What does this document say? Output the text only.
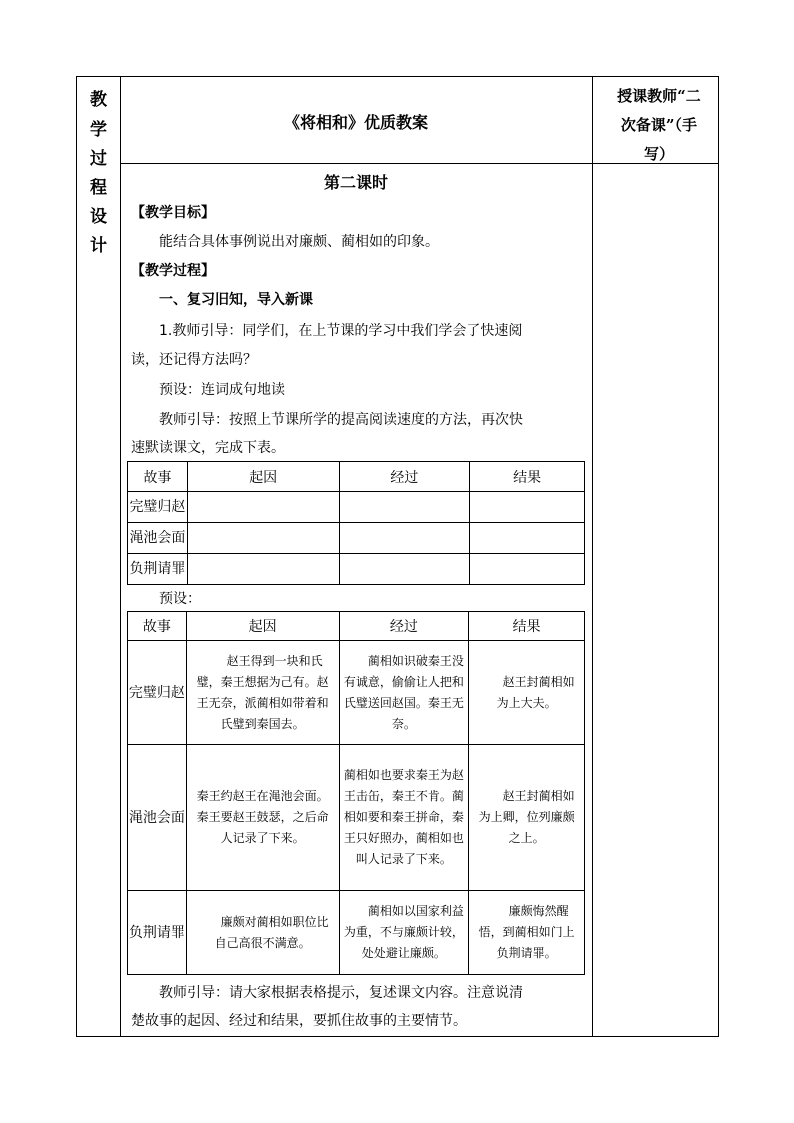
教
学
过
程
设
计
《将相和》优质教案
授课教师“二
次备课”（手
写）
第二课时
【教学目标】
能结合具体事例说出对廉颇、蔺相如的印象。
【教学过程】
一、复习旧知，导入新课
1.教师引导：同学们，在上节课的学习中我们学会了快速阅
读，还记得方法吗？
预设：连词成句地读
教师引导：按照上节课所学的提高阅读速度的方法，再次快
速默读课文，完成下表。
故事	起因	经过	结果
完璧归赵			
渑池会面			
负荆请罪			
预设：
故事	起因	经过	结果
完璧归赵	　　赵王得到一块和氏璧，秦王想据为己有。赵王无奈，派蔺相如带着和氏璧到秦国去。	　　蔺相如识破秦王没有诚意，偷偷让人把和氏璧送回赵国。秦王无奈。	　　赵王封蔺相如为上大夫。
渑池会面	秦王约赵王在渑池会面。秦王要赵王鼓瑟，之后命人记录了下来。	蔺相如也要求秦王为赵王击缶，秦王不肯。蔺相如要和秦王拼命，秦王只好照办，蔺相如也叫人记录了下来。	　　赵王封蔺相如为上卿，位列廉颇之上。
负荆请罪	　　廉颇对蔺相如职位比自己高很不满意。	　　蔺相如以国家利益为重，不与廉颇计较，处处避让廉颇。	　　廉颇悔然醒悟，到蔺相如门上负荆请罪。
教师引导：请大家根据表格提示，复述课文内容。注意说清
楚故事的起因、经过和结果，要抓住故事的主要情节。
